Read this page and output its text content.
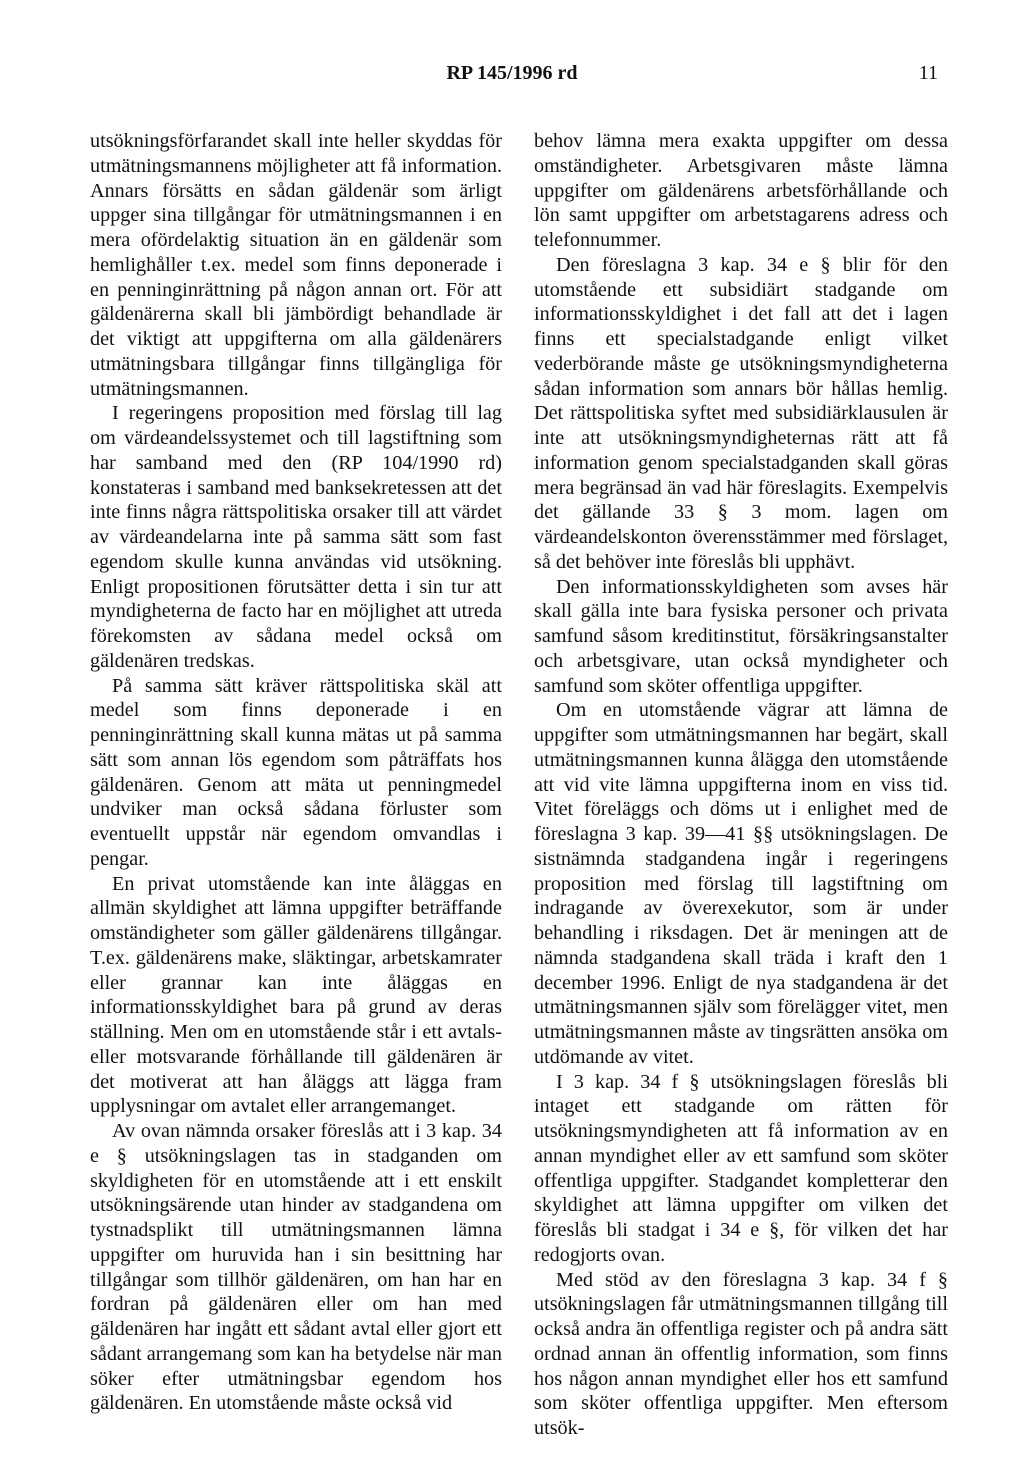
RP 145/1996 rd	11

utsökningsförfarandet skall inte heller skyddas för utmätningsmannens möjligheter att få information. Annars försätts en sådan gäldenär som ärligt uppger sina tillgångar för utmätningsmannen i en mera ofördelaktig situation än en gäldenär som hemlighåller t.ex. medel som finns deponerade i en penninginrättning på någon annan ort. För att gäldenärerna skall bli jämbördigt behandlade är det viktigt att uppgifterna om alla gäldenärers utmätningsbara tillgångar finns tillgängliga för utmätningsmannen.

I regeringens proposition med förslag till lag om värdeandelssystemet och till lagstiftning som har samband med den (RP 104/1990 rd) konstateras i samband med banksekretessen att det inte finns några rättspolitiska orsaker till att värdet av värdeandelarna inte på samma sätt som fast egendom skulle kunna användas vid utsökning. Enligt propositionen förutsätter detta i sin tur att myndigheterna de facto har en möjlighet att utreda förekomsten av sådana medel också om gäldenären tredskas.

På samma sätt kräver rättspolitiska skäl att medel som finns deponerade i en penninginrättning skall kunna mätas ut på samma sätt som annan lös egendom som påträffats hos gäldenären. Genom att mäta ut penningmedel undviker man också sådana förluster som eventuellt uppstår när egendom omvandlas i pengar.

En privat utomstående kan inte åläggas en allmän skyldighet att lämna uppgifter beträffande omständigheter som gäller gäldenärens tillgångar. T.ex. gäldenärens make, släktingar, arbetskamrater eller grannar kan inte åläggas en informationsskyldighet bara på grund av deras ställning. Men om en utomstående står i ett avtals- eller motsvarande förhållande till gäldenären är det motiverat att han åläggs att lägga fram upplysningar om avtalet eller arrangemanget.

Av ovan nämnda orsaker föreslås att i 3 kap. 34 e § utsökningslagen tas in stadganden om skyldigheten för en utomstående att i ett enskilt utsökningsärende utan hinder av stadgandena om tystnadsplikt till utmätningsmannen lämna uppgifter om huruvida han i sin besittning har tillgångar som tillhör gäldenären, om han har en fordran på gäldenären eller om han med gäldenären har ingått ett sådant avtal eller gjort ett sådant arrangemang som kan ha betydelse när man söker efter utmätningsbar egendom hos gäldenären. En utomstående måste också vid

behov lämna mera exakta uppgifter om dessa omständigheter. Arbetsgivaren måste lämna uppgifter om gäldenärens arbetsförhållande och lön samt uppgifter om arbetstagarens adress och telefonnummer.

Den föreslagna 3 kap. 34 e § blir för den utomstående ett subsidiärt stadgande om informationsskyldighet i det fall att det i lagen finns ett specialstadgande enligt vilket vederbörande måste ge utsökningsmyndigheterna sådan information som annars bör hållas hemlig. Det rättspolitiska syftet med subsidiärklausulen är inte att utsökningsmyndigheternas rätt att få information genom specialstadganden skall göras mera begränsad än vad här föreslagits. Exempelvis det gällande 33 § 3 mom. lagen om värdeandelskonton överensstämmer med förslaget, så det behöver inte föreslås bli upphävt.

Den informationsskyldigheten som avses här skall gälla inte bara fysiska personer och privata samfund såsom kreditinstitut, försäkringsanstalter och arbetsgivare, utan också myndigheter och samfund som sköter offentliga uppgifter.

Om en utomstående vägrar att lämna de uppgifter som utmätningsmannen har begärt, skall utmätningsmannen kunna ålägga den utomstående att vid vite lämna uppgifterna inom en viss tid. Vitet föreläggs och döms ut i enlighet med de föreslagna 3 kap. 39—41 §§ utsökningslagen. De sistnämnda stadgandena ingår i regeringens proposition med förslag till lagstiftning om indragande av överexekutor, som är under behandling i riksdagen. Det är meningen att de nämnda stadgandena skall träda i kraft den 1 december 1996. Enligt de nya stadgandena är det utmätningsmannen själv som förelägger vitet, men utmätningsmannen måste av tingsrätten ansöka om utdömande av vitet.

I 3 kap. 34 f § utsökningslagen föreslås bli intaget ett stadgande om rätten för utsökningsmyndigheten att få information av en annan myndighet eller av ett samfund som sköter offentliga uppgifter. Stadgandet kompletterar den skyldighet att lämna uppgifter om vilken det föreslås bli stadgat i 34 e §, för vilken det har redogjorts ovan.

Med stöd av den föreslagna 3 kap. 34 f § utsökningslagen får utmätningsmannen tillgång till också andra än offentliga register och på andra sätt ordnad annan än offentlig information, som finns hos någon annan myndighet eller hos ett samfund som sköter offentliga uppgifter. Men eftersom utsök-
